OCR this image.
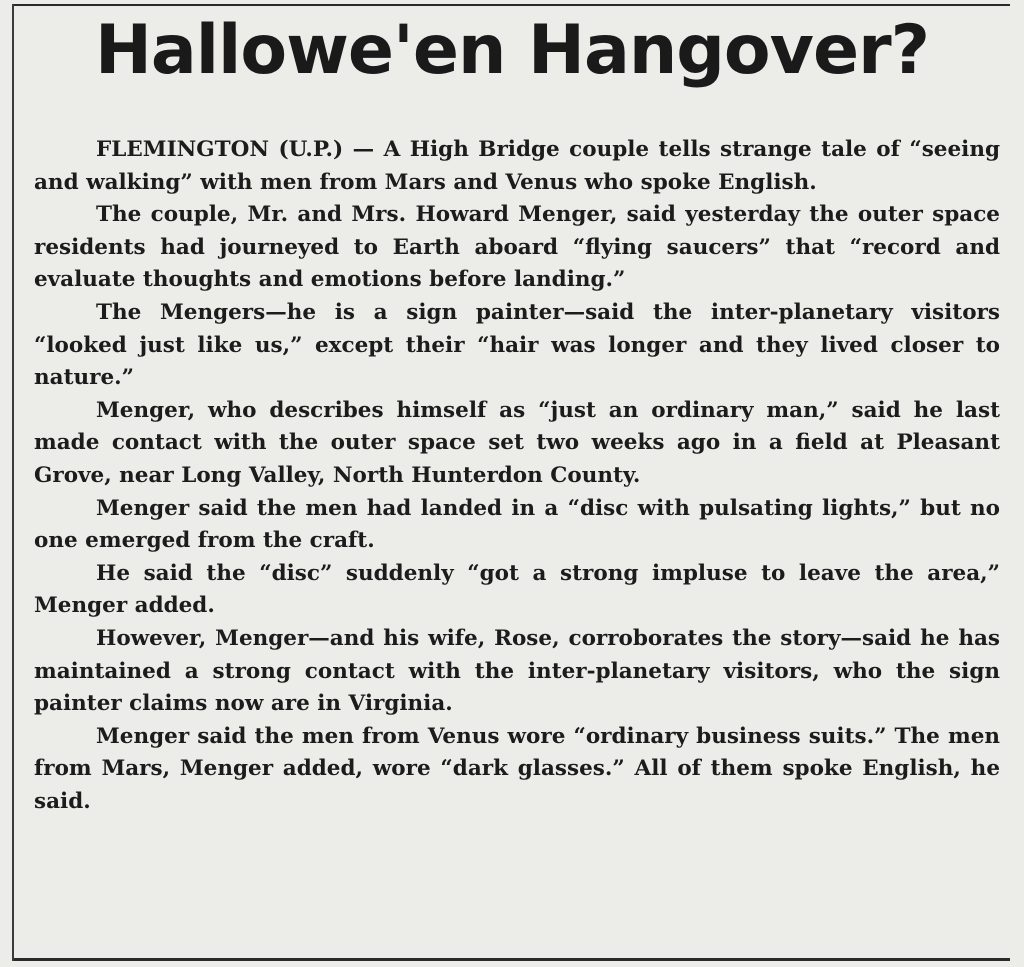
Hallowe'en Hangover?

FLEMINGTON (U.P.) — A High Bridge couple tells strange tale of “seeing and walking” with men from Mars and Venus who spoke English.

The couple, Mr. and Mrs. Howard Menger, said yesterday the outer space residents had journeyed to Earth aboard “flying saucers” that “record and evaluate thoughts and emotions before landing.”

The Mengers—he is a sign painter—said the inter-planetary visitors “looked just like us,” except their “hair was longer and they lived closer to nature.”

Menger, who describes himself as “just an ordinary man,” said he last made contact with the outer space set two weeks ago in a field at Pleasant Grove, near Long Valley, North Hunterdon County.

Menger said the men had landed in a “disc with pulsating lights,” but no one emerged from the craft.

He said the “disc” suddenly “got a strong impluse to leave the area,” Menger added.

However, Menger—and his wife, Rose, corroborates the story—said he has maintained a strong contact with the inter-planetary visitors, who the sign painter claims now are in Virginia.

Menger said the men from Venus wore “ordinary business suits.” The men from Mars, Menger added, wore “dark glasses.” All of them spoke English, he said.
